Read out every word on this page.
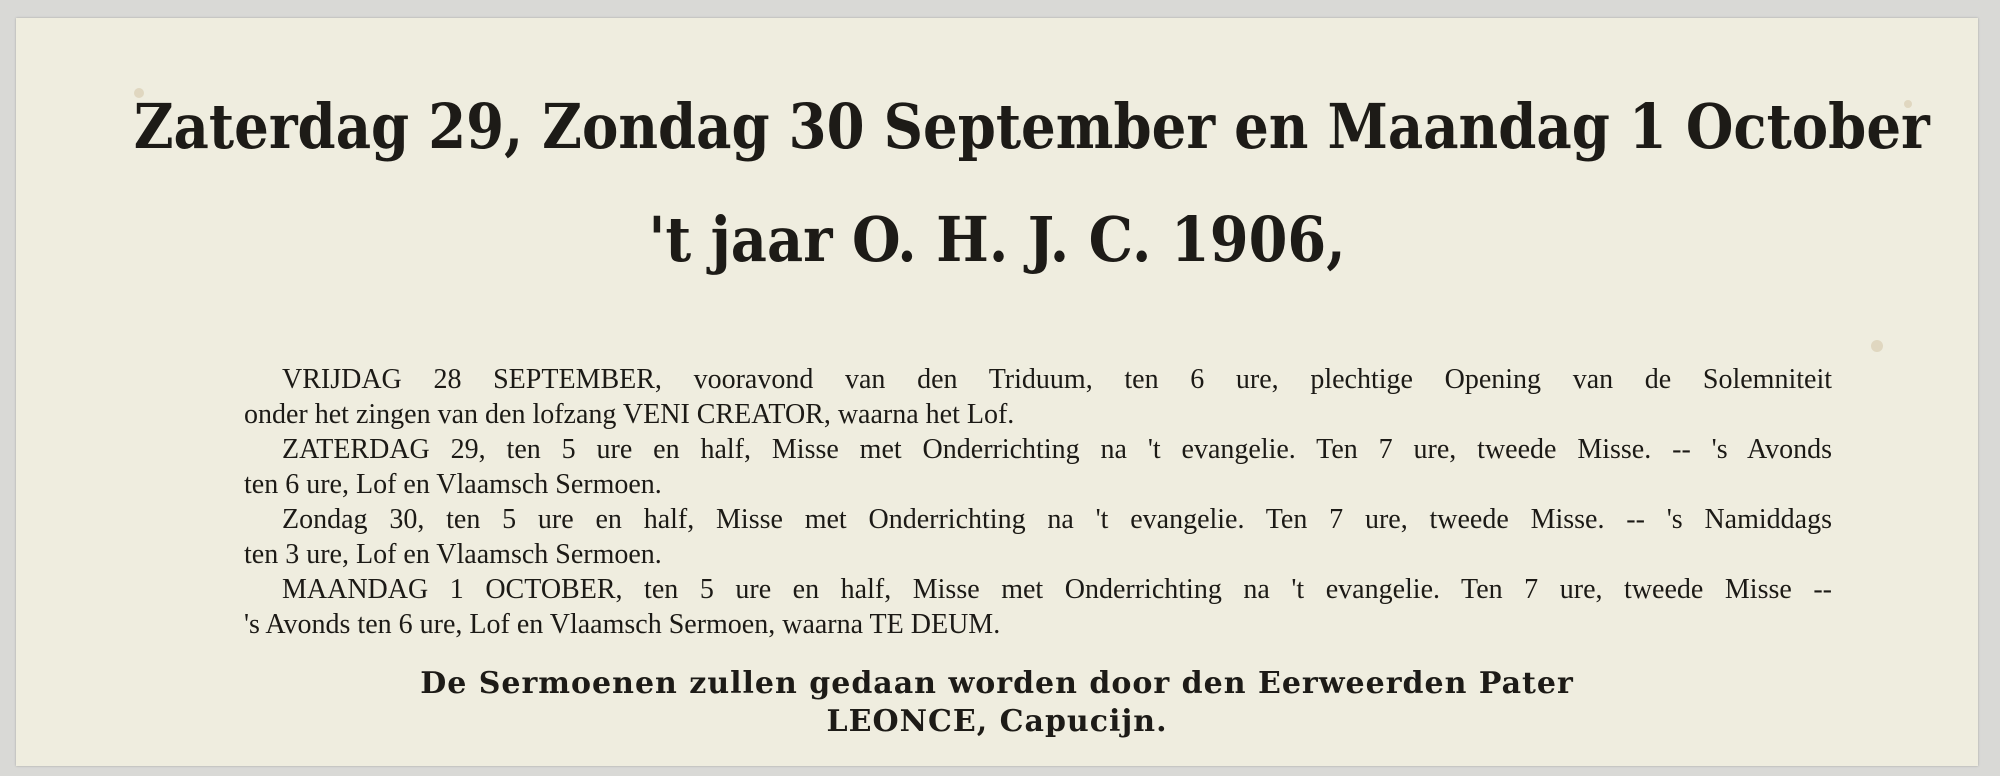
Zaterdag 29, Zondag 30 September en Maandag 1 October
't jaar O. H. J. C. 1906,
VRIJDAG 28 SEPTEMBER, vooravond van den Triduum, ten 6 ure, plechtige Opening van de Solemniteit
onder het zingen van den lofzang VENI CREATOR, waarna het Lof.
ZATERDAG 29, ten 5 ure en half, Misse met Onderrichting na 't evangelie. Ten 7 ure, tweede Misse. -- 's Avonds
ten 6 ure, Lof en Vlaamsch Sermoen.
Zondag 30, ten 5 ure en half, Misse met Onderrichting na 't evangelie. Ten 7 ure, tweede Misse. -- 's Namiddags
ten 3 ure, Lof en Vlaamsch Sermoen.
MAANDAG 1 OCTOBER, ten 5 ure en half, Misse met Onderrichting na 't evangelie. Ten 7 ure, tweede Misse --
's Avonds ten 6 ure, Lof en Vlaamsch Sermoen, waarna TE DEUM.
De Sermoenen zullen gedaan worden door den Eerweerden Pater
LEONCE, Capucijn.
